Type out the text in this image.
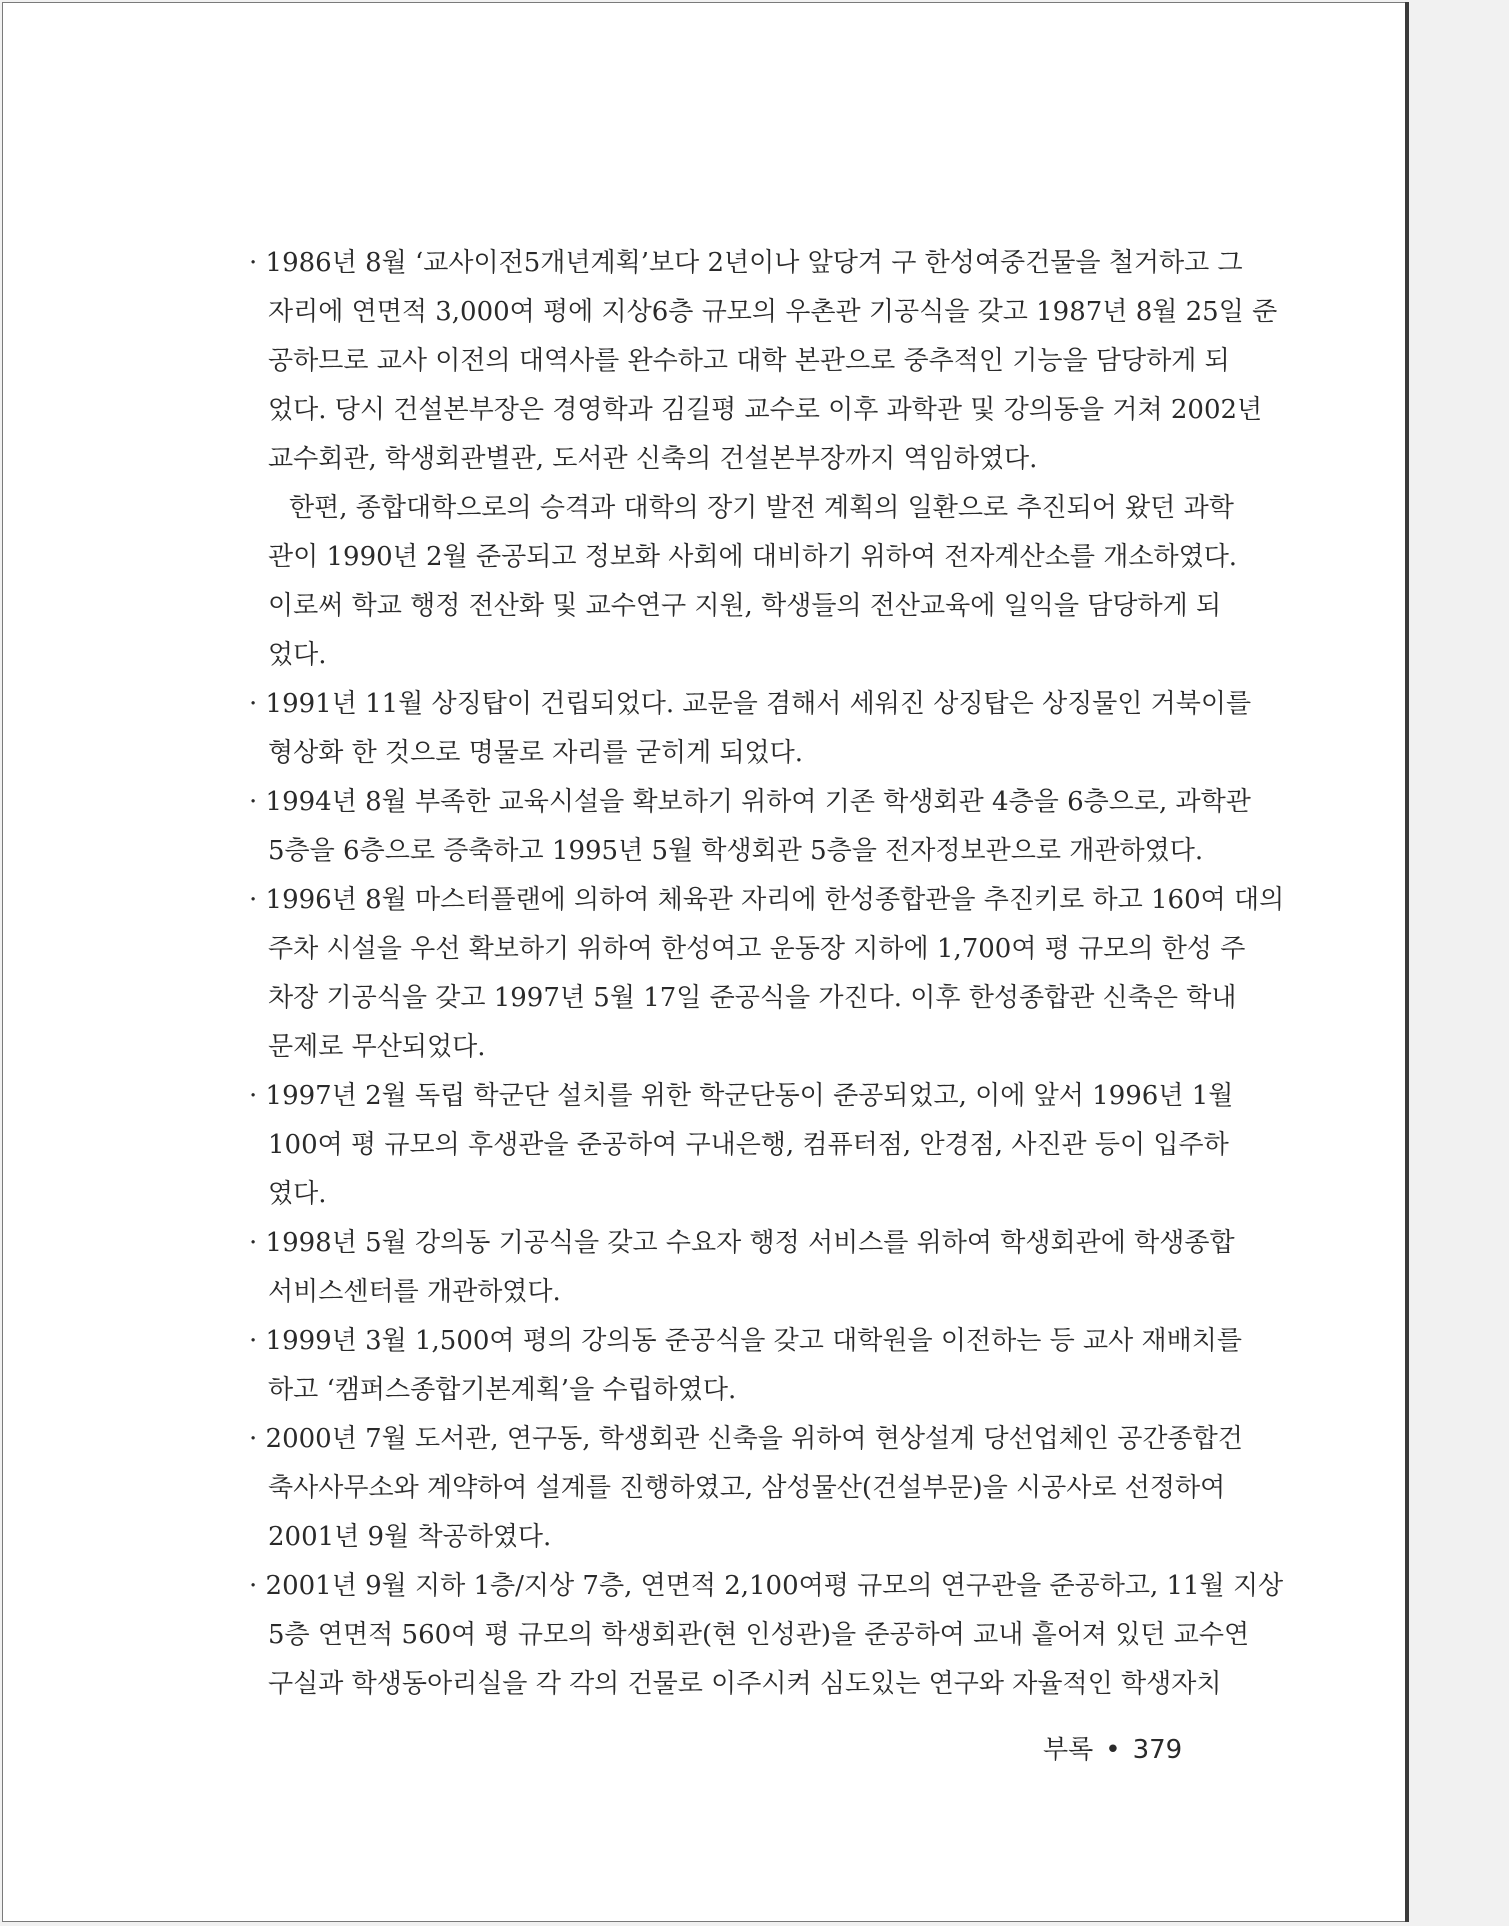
· 1986년 8월 ‘교사이전5개년계획’보다 2년이나 앞당겨 구 한성여중건물을 철거하고 그
자리에 연면적 3,000여 평에 지상6층 규모의 우촌관 기공식을 갖고 1987년 8월 25일 준
공하므로 교사 이전의 대역사를 완수하고 대학 본관으로 중추적인 기능을 담당하게 되
었다. 당시 건설본부장은 경영학과 김길평 교수로 이후 과학관 및 강의동을 거쳐 2002년
교수회관, 학생회관별관, 도서관 신축의 건설본부장까지 역임하였다.
한편, 종합대학으로의 승격과 대학의 장기 발전 계획의 일환으로 추진되어 왔던 과학
관이 1990년 2월 준공되고 정보화 사회에 대비하기 위하여 전자계산소를 개소하였다.
이로써 학교 행정 전산화 및 교수연구 지원, 학생들의 전산교육에 일익을 담당하게 되
었다.
· 1991년 11월 상징탑이 건립되었다. 교문을 겸해서 세워진 상징탑은 상징물인 거북이를
형상화 한 것으로 명물로 자리를 굳히게 되었다.
· 1994년 8월 부족한 교육시설을 확보하기 위하여 기존 학생회관 4층을 6층으로, 과학관
5층을 6층으로 증축하고 1995년 5월 학생회관 5층을 전자정보관으로 개관하였다.
· 1996년 8월 마스터플랜에 의하여 체육관 자리에 한성종합관을 추진키로 하고 160여 대의
주차 시설을 우선 확보하기 위하여 한성여고 운동장 지하에 1,700여 평 규모의 한성 주
차장 기공식을 갖고 1997년 5월 17일 준공식을 가진다. 이후 한성종합관 신축은 학내
문제로 무산되었다.
· 1997년 2월 독립 학군단 설치를 위한 학군단동이 준공되었고, 이에 앞서 1996년 1월
100여 평 규모의 후생관을 준공하여 구내은행, 컴퓨터점, 안경점, 사진관 등이 입주하
였다.
· 1998년 5월 강의동 기공식을 갖고 수요자 행정 서비스를 위하여 학생회관에 학생종합
서비스센터를 개관하였다.
· 1999년 3월 1,500여 평의 강의동 준공식을 갖고 대학원을 이전하는 등 교사 재배치를
하고 ‘캠퍼스종합기본계획’을 수립하였다.
· 2000년 7월 도서관, 연구동, 학생회관 신축을 위하여 현상설계 당선업체인 공간종합건
축사사무소와 계약하여 설계를 진행하였고, 삼성물산(건설부문)을 시공사로 선정하여
2001년 9월 착공하였다.
· 2001년 9월 지하 1층/지상 7층, 연면적 2,100여평 규모의 연구관을 준공하고, 11월 지상
5층 연면적 560여 평 규모의 학생회관(현 인성관)을 준공하여 교내 흩어져 있던 교수연
구실과 학생동아리실을 각 각의 건물로 이주시켜 심도있는 연구와 자율적인 학생자치
부록 • 379
